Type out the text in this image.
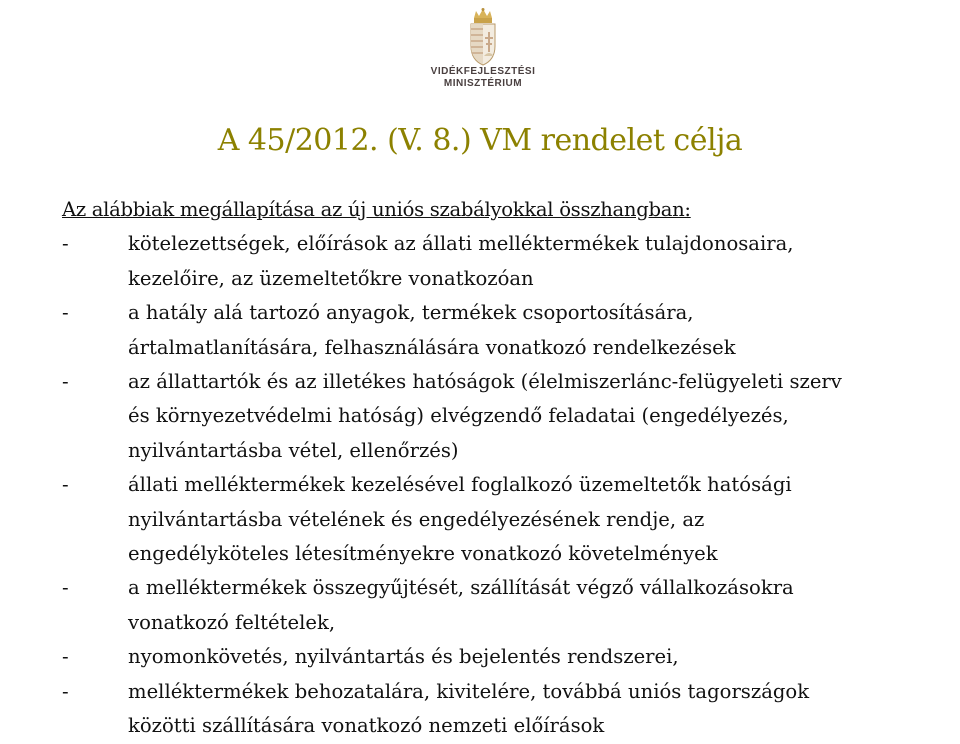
VIDÉKFEJLESZTÉSI
MINISZTÉRIUM
A 45/2012. (V. 8.) VM rendelet célja

Az alábbiak megállapítása az új uniós szabályokkal összhangban:

-	kötelezettségek, előírások az állati melléktermékek tulajdonosaira,
kezelőire, az üzemeltetőkre vonatkozóan

-	a hatály alá tartozó anyagok, termékek csoportosítására,
ártalmatlanítására, felhasználására vonatkozó rendelkezések

-	az állattartók és az illetékes hatóságok (élelmiszerlánc-felügyeleti szerv
és környezetvédelmi hatóság) elvégzendő feladatai (engedélyezés,
nyilvántartásba vétel, ellenőrzés)

-	állati melléktermékek kezelésével foglalkozó üzemeltetők hatósági
nyilvántartásba vételének és engedélyezésének rendje, az
engedélyköteles létesítményekre vonatkozó követelmények

-	a melléktermékek összegyűjtését, szállítását végző vállalkozásokra
vonatkozó feltételek,

-	nyomonkövetés, nyilvántartás és bejelentés rendszerei,

-	melléktermékek behozatalára, kivitelére, továbbá uniós tagországok
közötti szállítására vonatkozó nemzeti előírások
